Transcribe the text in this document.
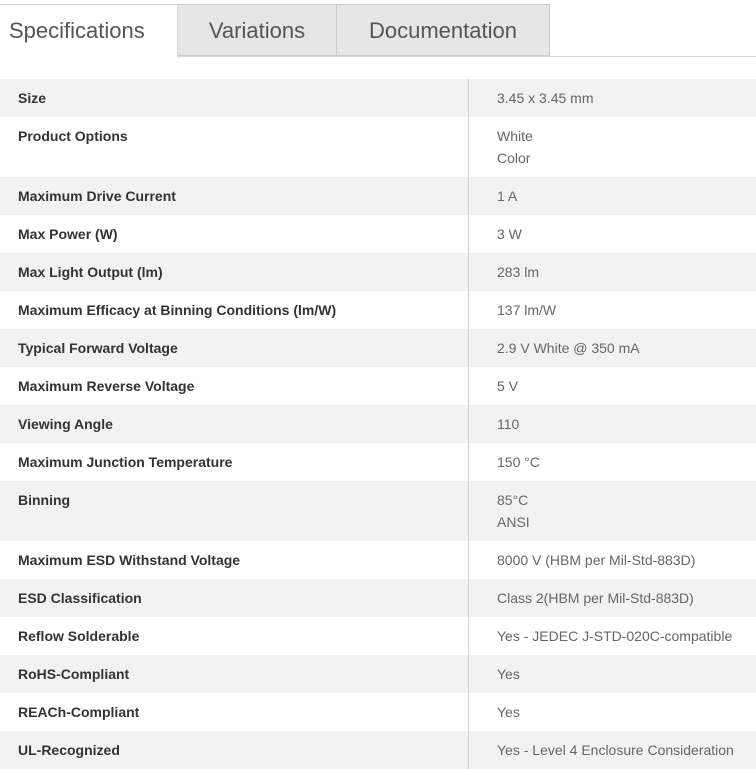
Specifications	Variations	Documentation
Size	3.45 x 3.45 mm
Product Options	White
Color
Maximum Drive Current	1 A
Max Power (W)	3 W
Max Light Output (lm)	283 lm
Maximum Efficacy at Binning Conditions (lm/W)	137 lm/W
Typical Forward Voltage	2.9 V White @ 350 mA
Maximum Reverse Voltage	5 V
Viewing Angle	110
Maximum Junction Temperature	150 °C
Binning	85°C
ANSI
Maximum ESD Withstand Voltage	8000 V (HBM per Mil-Std-883D)
ESD Classification	Class 2(HBM per Mil-Std-883D)
Reflow Solderable	Yes - JEDEC J-STD-020C-compatible
RoHS-Compliant	Yes
REACh-Compliant	Yes
UL-Recognized	Yes - Level 4 Enclosure Consideration
